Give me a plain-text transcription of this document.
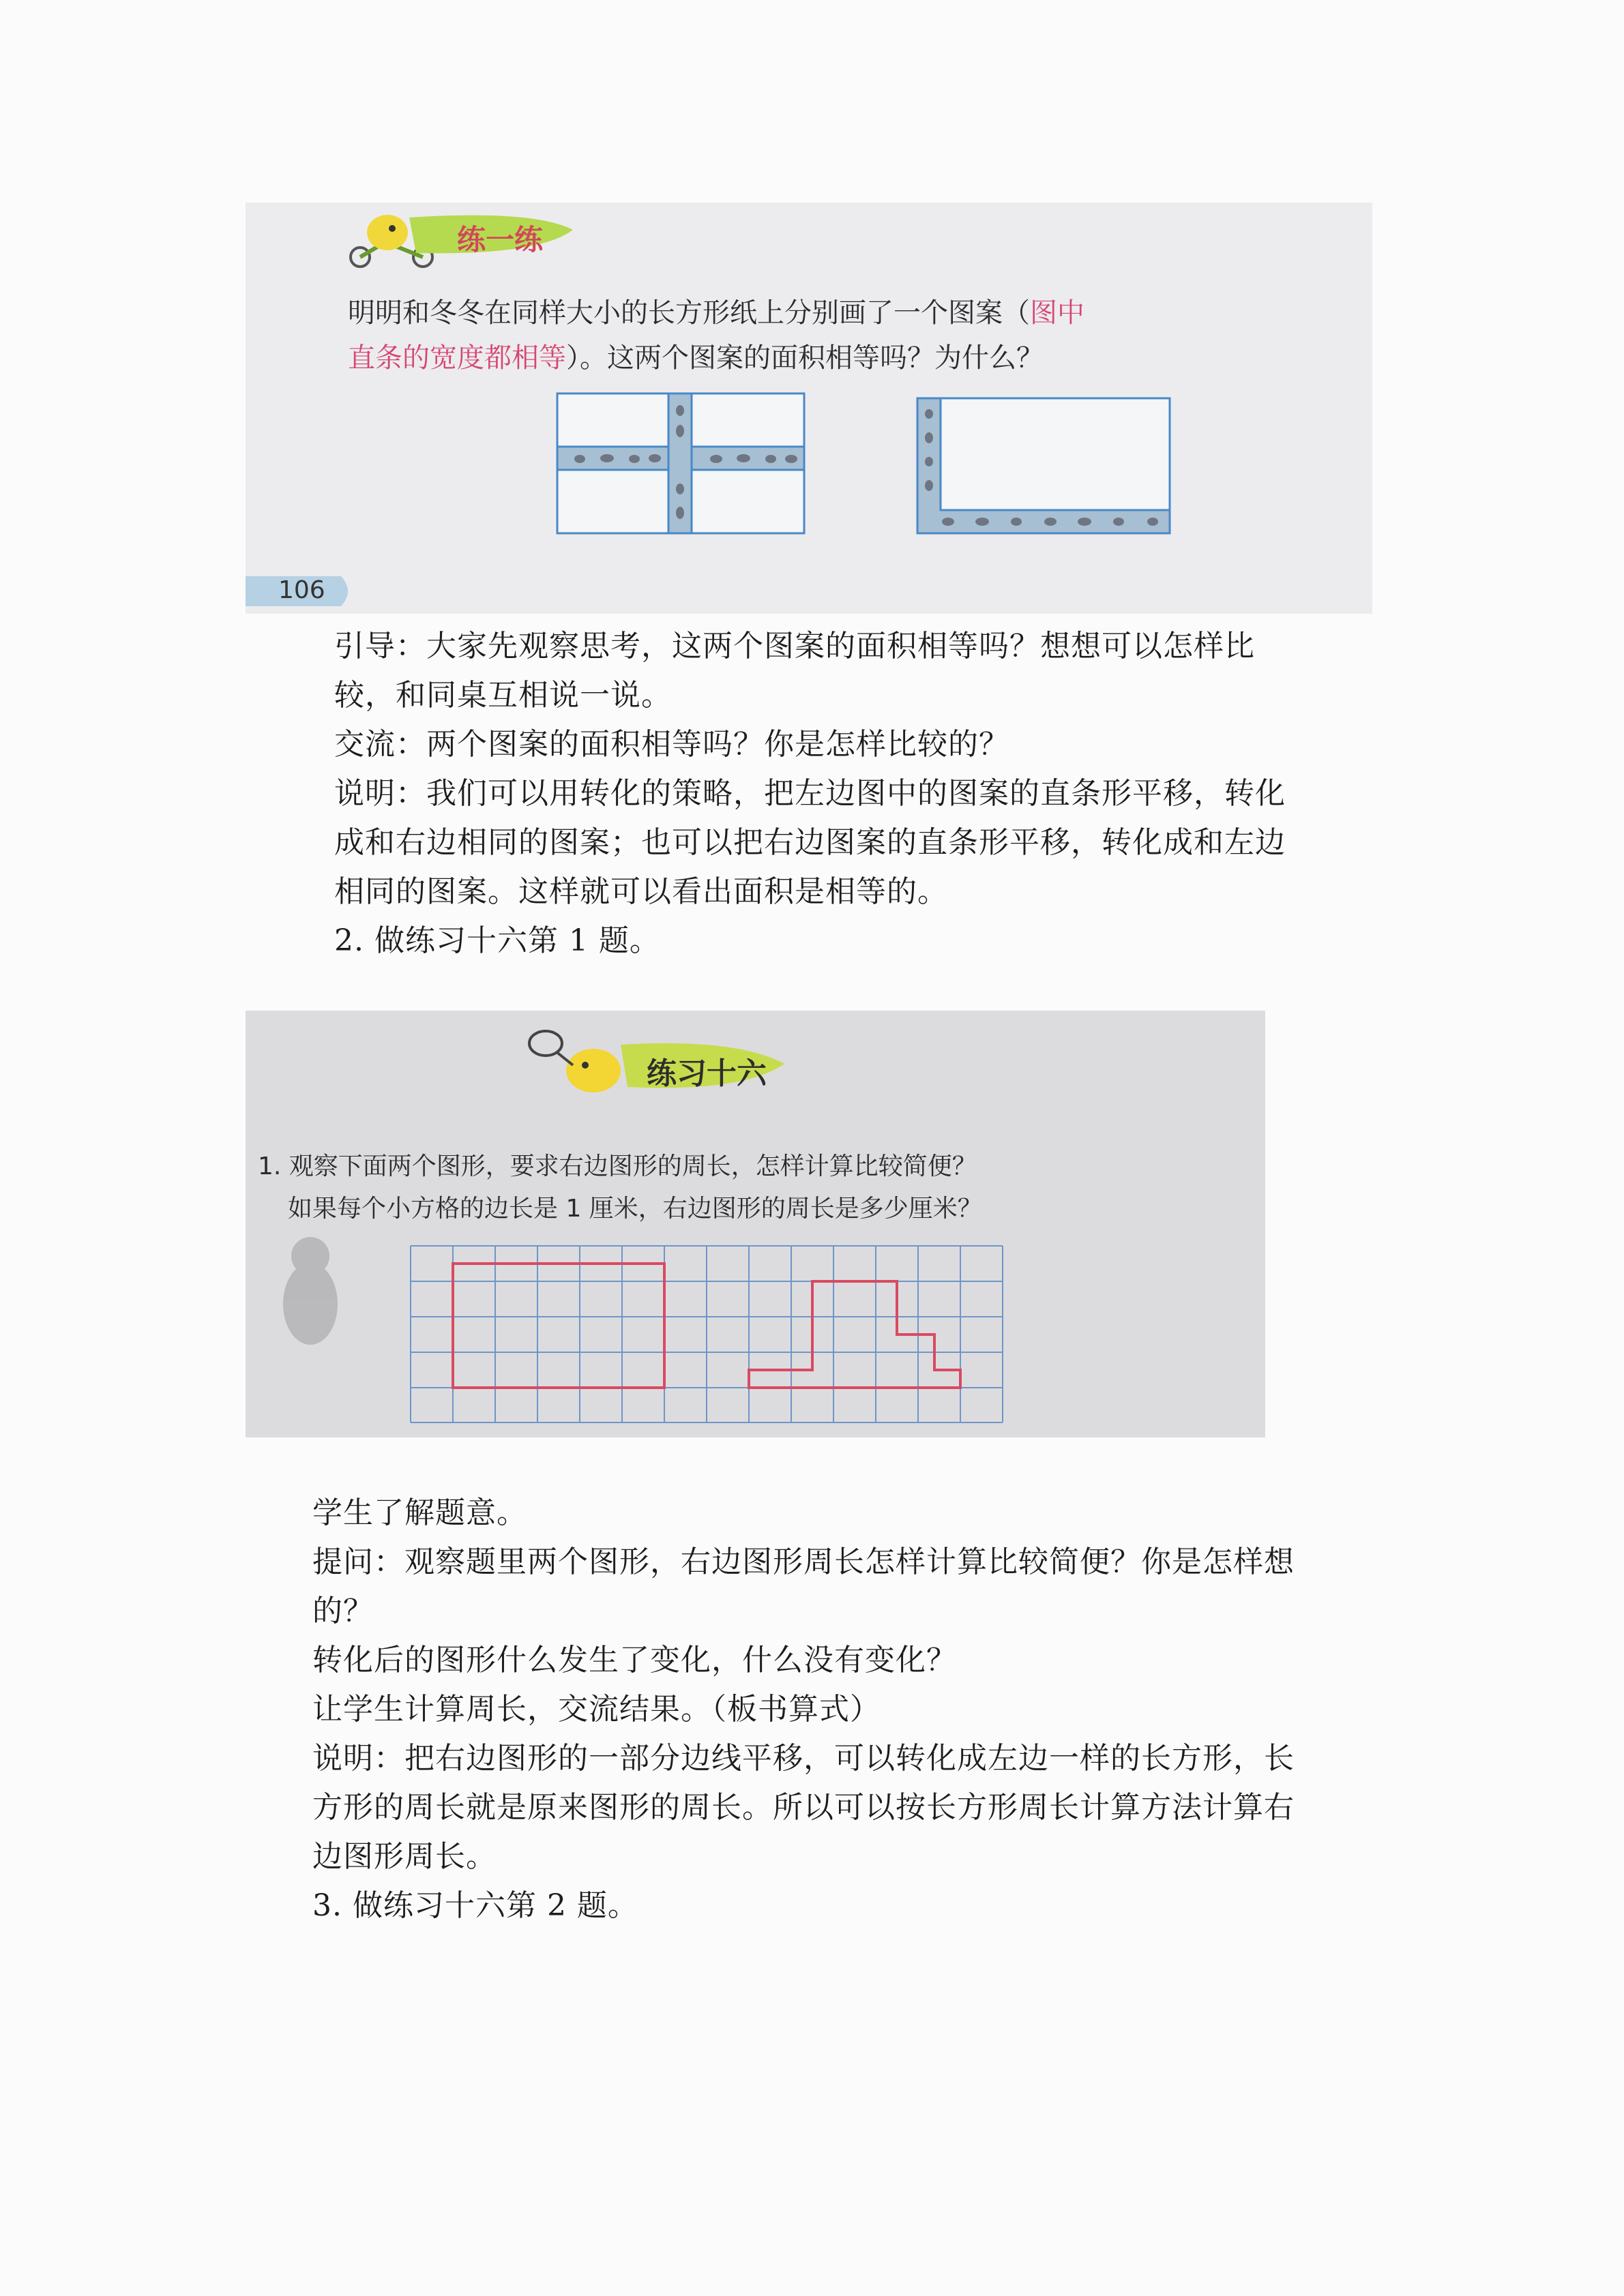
练一练
明明和冬冬在同样大小的长方形纸上分别画了一个图案（图中
直条的宽度都相等）。这两个图案的面积相等吗？为什么？
106
引导：大家先观察思考，这两个图案的面积相等吗？想想可以怎样比
较，和同桌互相说一说。
交流：两个图案的面积相等吗？你是怎样比较的？
说明：我们可以用转化的策略，把左边图中的图案的直条形平移，转化
成和右边相同的图案；也可以把右边图案的直条形平移，转化成和左边
相同的图案。这样就可以看出面积是相等的。
2. 做练习十六第 1 题。
练习十六
1. 观察下面两个图形，要求右边图形的周长，怎样计算比较简便？
如果每个小方格的边长是 1 厘米，右边图形的周长是多少厘米？
学生了解题意。
提问：观察题里两个图形，右边图形周长怎样计算比较简便？你是怎样想
的？
转化后的图形什么发生了变化，什么没有变化？
让学生计算周长，交流结果。（板书算式）
说明：把右边图形的一部分边线平移，可以转化成左边一样的长方形，长
方形的周长就是原来图形的周长。所以可以按长方形周长计算方法计算右
边图形周长。
3. 做练习十六第 2 题。
